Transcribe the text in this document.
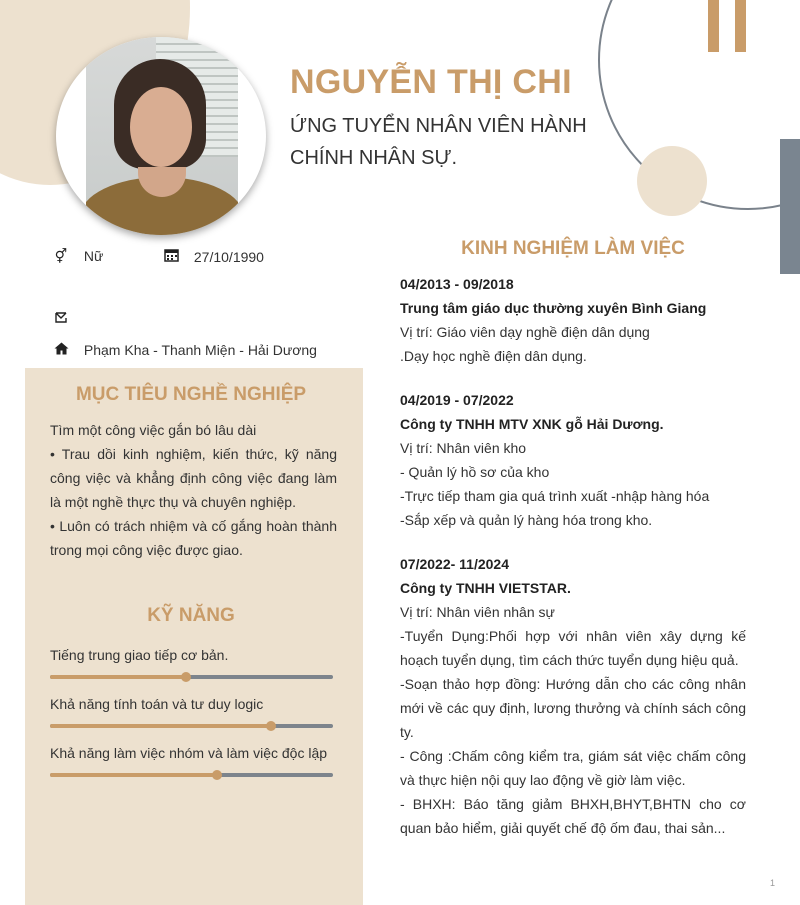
NGUYỄN THỊ CHI
ỨNG TUYỂN NHÂN VIÊN HÀNH CHÍNH NHÂN SỰ.
⚥ Nữ	27/10/1990
Phạm Kha - Thanh Miện - Hải Dương
MỤC TIÊU NGHỀ NGHIỆP
Tìm một công việc gắn bó lâu dài
• Trau dồi kinh nghiệm, kiến thức, kỹ năng công việc và khẳng định công việc đang làm là một nghề thực thụ và chuyên nghiệp.
• Luôn có trách nhiệm và cố gắng hoàn thành trong mọi công việc được giao.
KỸ NĂNG
Tiếng trung giao tiếp cơ bản.
Khả năng tính toán và tư duy logic
Khả năng làm việc nhóm và làm việc độc lập
KINH NGHIỆM LÀM VIỆC
04/2013 - 09/2018
Trung tâm giáo dục thường xuyên Bình Giang
Vị trí: Giáo viên dạy nghề điện dân dụng
.Dạy học nghề điện dân dụng.
04/2019 - 07/2022
Công ty TNHH MTV XNK gỗ Hải Dương.
Vị trí: Nhân viên kho
- Quản lý hồ sơ của kho
-Trực tiếp tham gia quá trình xuất -nhập hàng hóa
-Sắp xếp và quản lý hàng hóa trong kho.
07/2022- 11/2024
Công ty TNHH VIETSTAR.
Vị trí: Nhân viên nhân sự
-Tuyển Dụng:Phối hợp với nhân viên xây dựng kế hoạch tuyển dụng, tìm cách thức tuyển dụng hiệu quả.
-Soạn thảo hợp đồng: Hướng dẫn cho các công nhân mới về các quy định, lương thưởng và chính sách công ty.
- Công :Chấm công kiểm tra, giám sát việc chấm công và thực hiện nội quy lao động về giờ làm việc.
- BHXH: Báo tăng giảm BHXH,BHYT,BHTN cho cơ quan bảo hiểm, giải quyết chế độ ốm đau, thai sản...
1
